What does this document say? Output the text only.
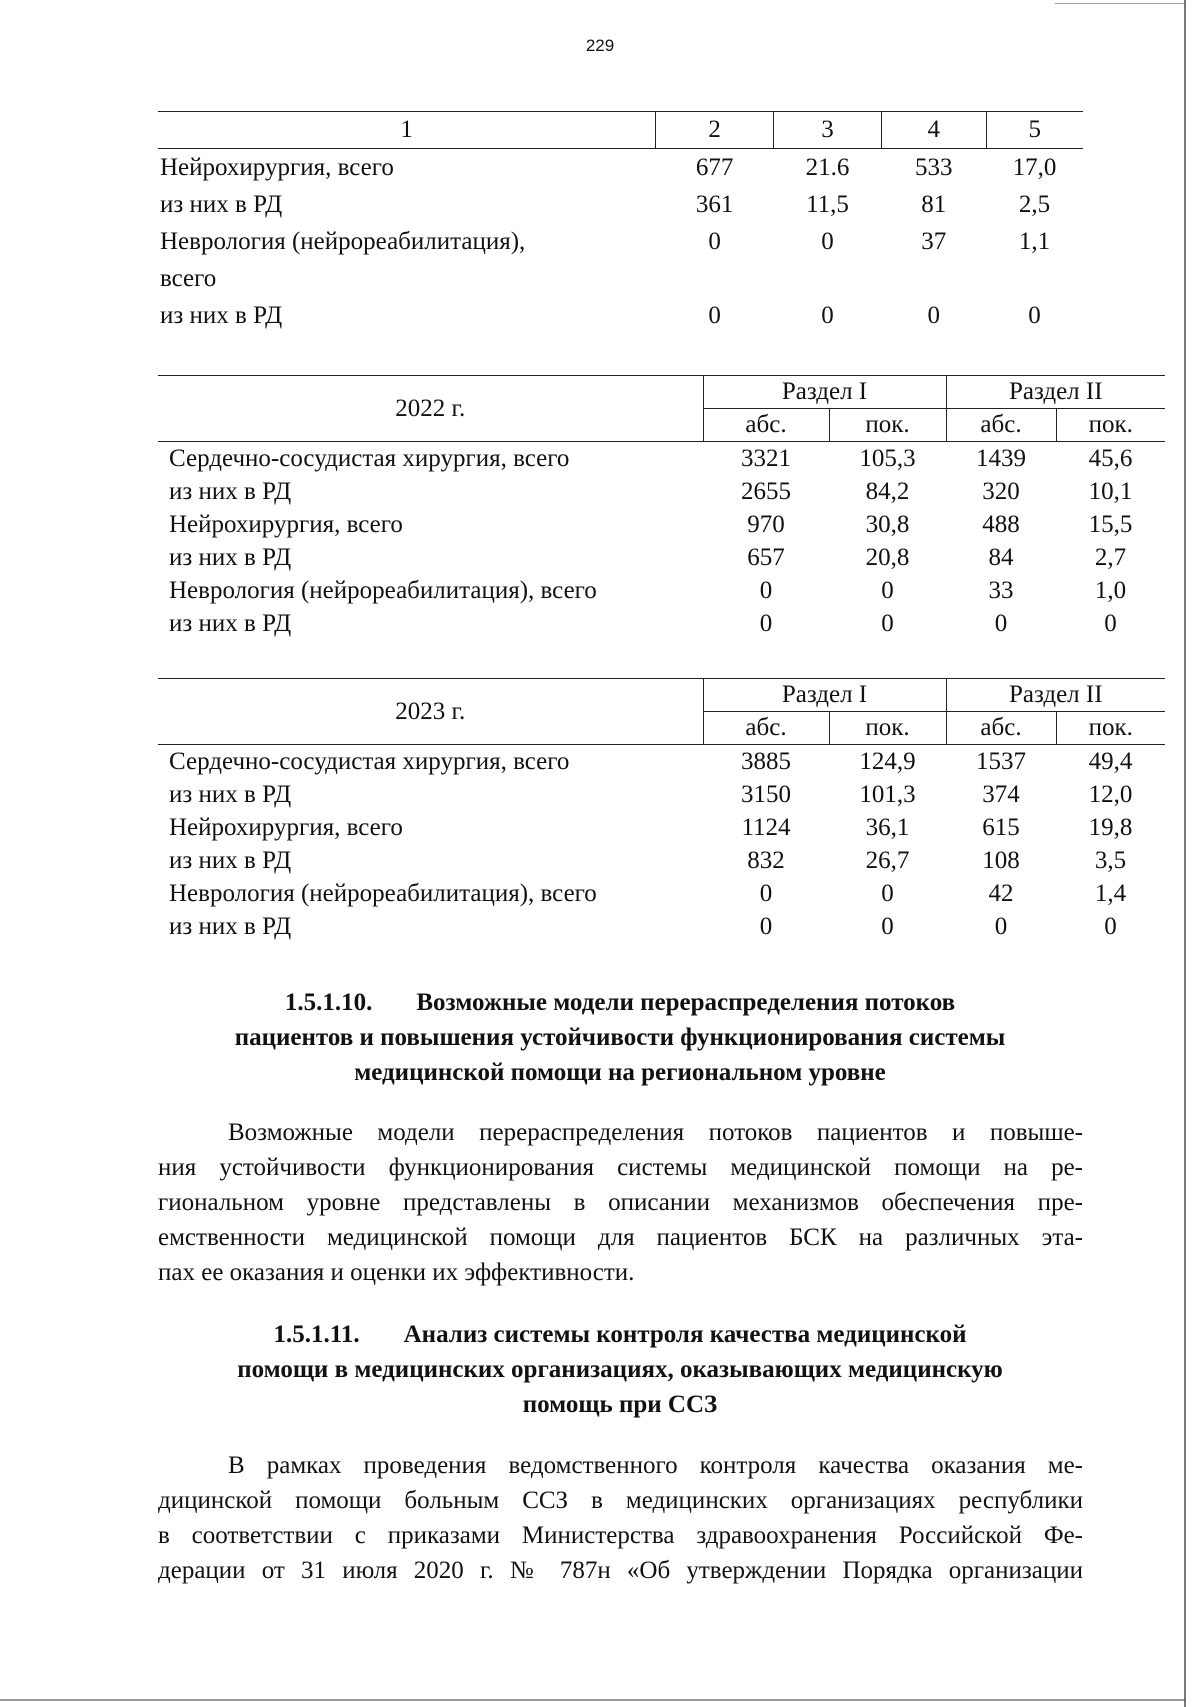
229
1	2	3	4	5
Нейрохирургия, всего	677	21.6	533	17,0
из них в РД	361	11,5	81	2,5
Неврология (нейрореабилитация),	0	0	37	1,1
всего				
из них в РД	0	0	0	0
2022 г.	Раздел I		Раздел II	
	абс.	пок.	абс.	пок.
Сердечно-сосудистая хирургия, всего	3321	105,3	1439	45,6
из них в РД	2655	84,2	320	10,1
Нейрохирургия, всего	970	30,8	488	15,5
из них в РД	657	20,8	84	2,7
Неврология (нейрореабилитация), всего	0	0	33	1,0
из них в РД	0	0	0	0
2023 г.	Раздел I		Раздел II	
	абс.	пок.	абс.	пок.
Сердечно-сосудистая хирургия, всего	3885	124,9	1537	49,4
из них в РД	3150	101,3	374	12,0
Нейрохирургия, всего	1124	36,1	615	19,8
из них в РД	832	26,7	108	3,5
Неврология (нейрореабилитация), всего	0	0	42	1,4
из них в РД	0	0	0	0
1.5.1.10. Возможные модели перераспределения потоков
пациентов и повышения устойчивости функционирования системы
медицинской помощи на региональном уровне
Возможные модели перераспределения потоков пациентов и повыше-
ния устойчивости функционирования системы медицинской помощи на ре-
гиональном уровне представлены в описании механизмов обеспечения пре-
емственности медицинской помощи для пациентов БСК на различных эта-
пах ее оказания и оценки их эффективности.
1.5.1.11. Анализ системы контроля качества медицинской
помощи в медицинских организациях, оказывающих медицинскую
помощь при ССЗ
В рамках проведения ведомственного контроля качества оказания ме-
дицинской помощи больным ССЗ в медицинских организациях республики
в соответствии с приказами Министерства здравоохранения Российской Фе-
дерации от 31 июля 2020 г. № 787н «Об утверждении Порядка организации
